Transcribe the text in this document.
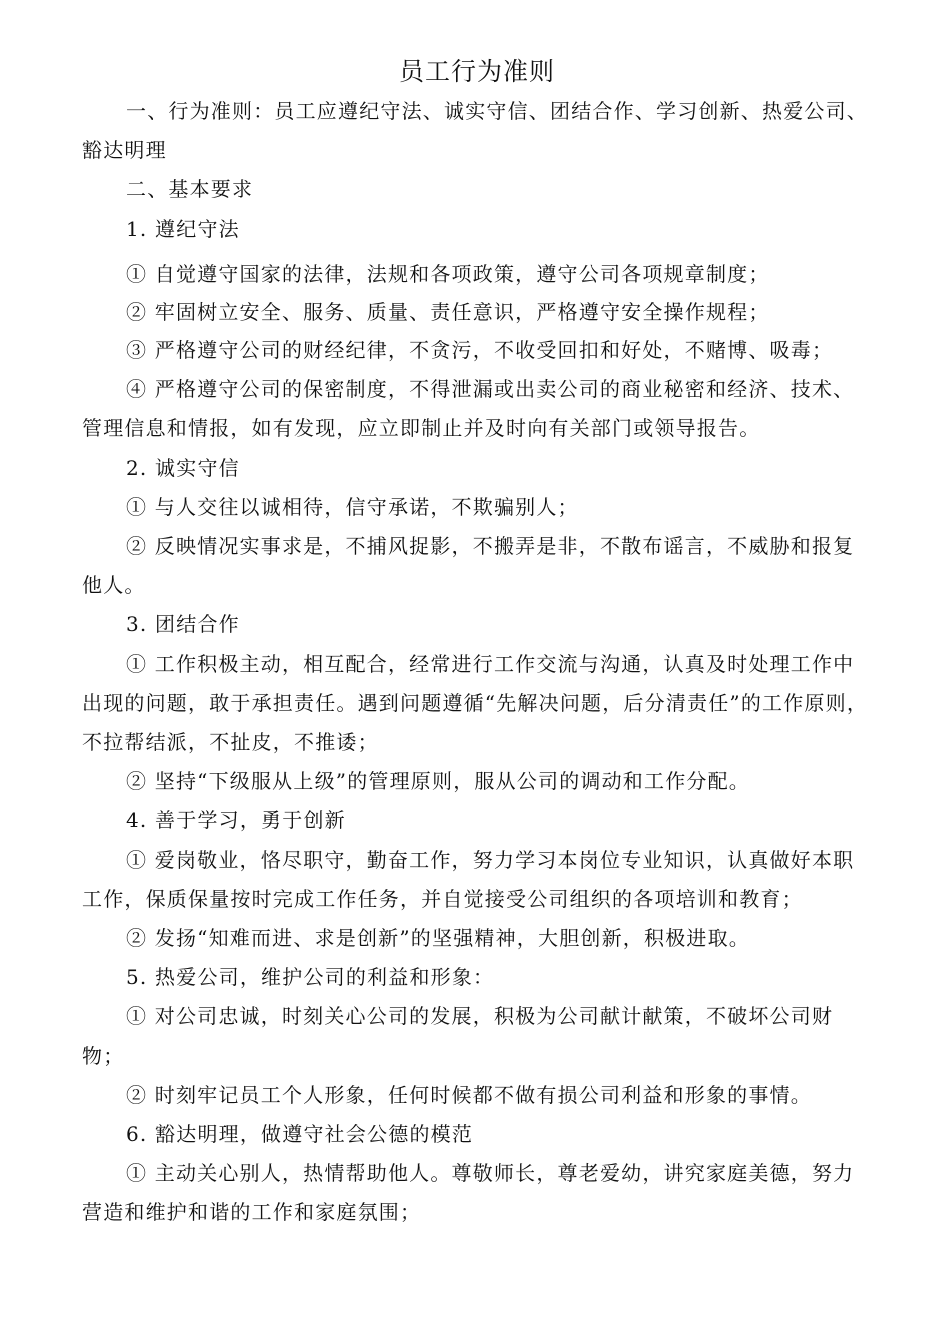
员工行为准则

一、行为准则：员工应遵纪守法、诚实守信、团结合作、学习创新、热爱公司、豁达明理

二、基本要求

1. 遵纪守法

① 自觉遵守国家的法律，法规和各项政策，遵守公司各项规章制度；

② 牢固树立安全、服务、质量、责任意识，严格遵守安全操作规程；

③ 严格遵守公司的财经纪律，不贪污，不收受回扣和好处，不赌博、吸毒；

④ 严格遵守公司的保密制度，不得泄漏或出卖公司的商业秘密和经济、技术、管理信息和情报，如有发现，应立即制止并及时向有关部门或领导报告。

2. 诚实守信

① 与人交往以诚相待，信守承诺，不欺骗别人；

② 反映情况实事求是，不捕风捉影，不搬弄是非，不散布谣言，不威胁和报复他人。

3. 团结合作

① 工作积极主动，相互配合，经常进行工作交流与沟通，认真及时处理工作中出现的问题，敢于承担责任。遇到问题遵循“先解决问题，后分清责任”的工作原则，不拉帮结派，不扯皮，不推诿；

② 坚持“下级服从上级”的管理原则，服从公司的调动和工作分配。

4. 善于学习，勇于创新

① 爱岗敬业，恪尽职守，勤奋工作，努力学习本岗位专业知识，认真做好本职工作，保质保量按时完成工作任务，并自觉接受公司组织的各项培训和教育；

② 发扬“知难而进、求是创新”的坚强精神，大胆创新，积极进取。

5. 热爱公司，维护公司的利益和形象：

① 对公司忠诚，时刻关心公司的发展，积极为公司献计献策，不破坏公司财物；

② 时刻牢记员工个人形象，任何时候都不做有损公司利益和形象的事情。

6. 豁达明理，做遵守社会公德的模范

① 主动关心别人，热情帮助他人。尊敬师长，尊老爱幼，讲究家庭美德，努力营造和维护和谐的工作和家庭氛围；
